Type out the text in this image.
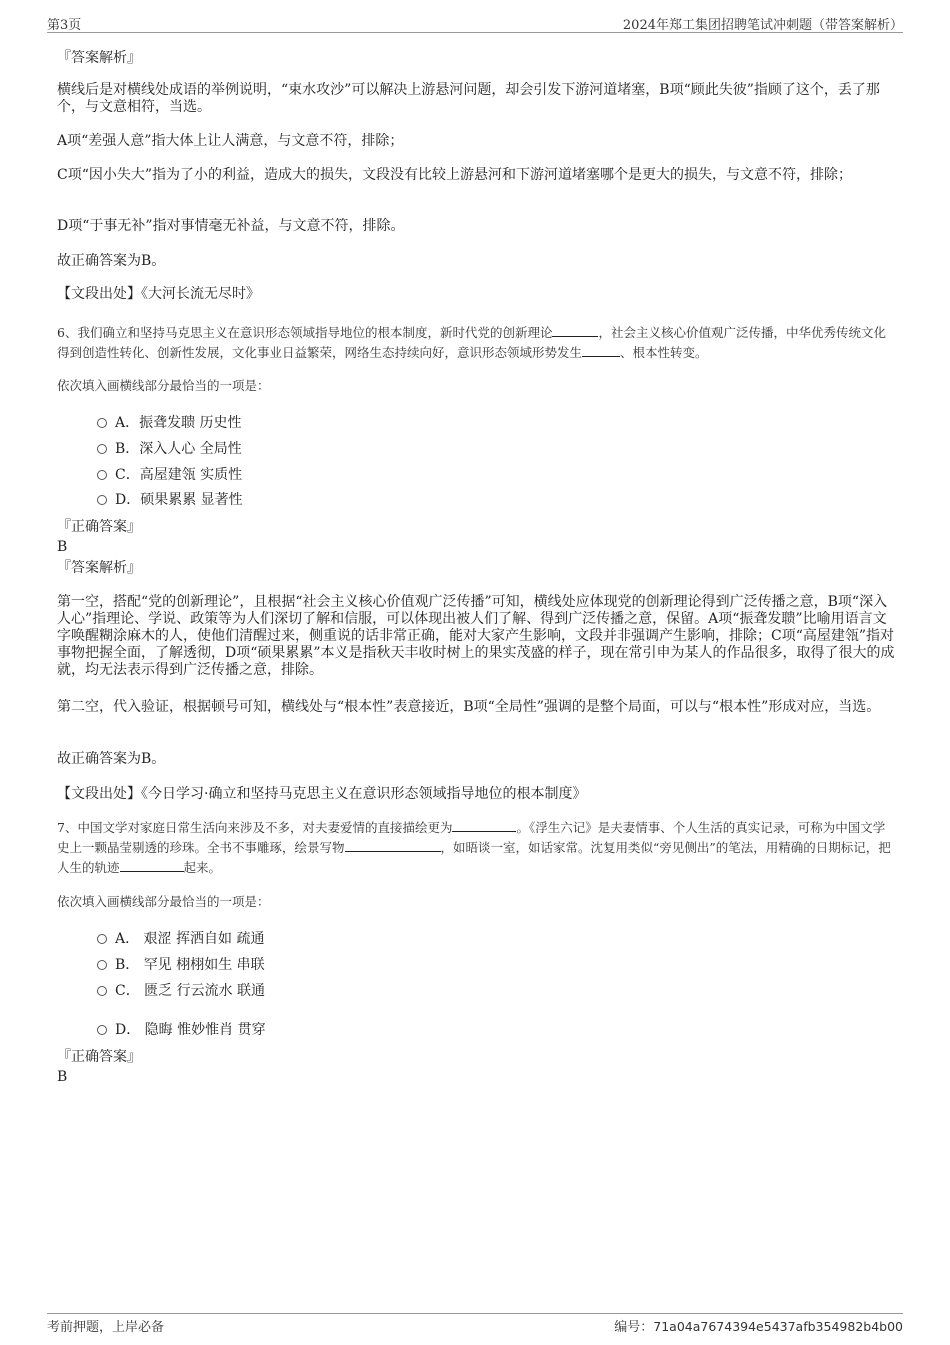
第3页	2024年郑工集团招聘笔试冲刺题（带答案解析）
『答案解析』
横线后是对横线处成语的举例说明，“束水攻沙”可以解决上游悬河问题，却会引发下游河道堵塞，B项“顾此失彼”指顾了这个，丢了那个，与文意相符，当选。
A项“差强人意”指大体上让人满意，与文意不符，排除；
C项“因小失大”指为了小的利益，造成大的损失，文段没有比较上游悬河和下游河道堵塞哪个是更大的损失，与文意不符，排除；
D项“于事无补”指对事情毫无补益，与文意不符，排除。
故正确答案为B。
【文段出处】《大河长流无尽时》
6、我们确立和坚持马克思主义在意识形态领域指导地位的根本制度，新时代党的创新理论	，社会主义核心价值观广泛传播，中华优秀传统文化得到创造性转化、创新性发展，文化事业日益繁荣，网络生态持续向好，意识形态领域形势发生	、根本性转变。
依次填入画横线部分最恰当的一项是：
A．振聋发聩 历史性
B．深入人心 全局性
C．高屋建瓴 实质性
D．硕果累累 显著性
『正确答案』
B
『答案解析』
第一空，搭配“党的创新理论”，且根据“社会主义核心价值观广泛传播”可知，横线处应体现党的创新理论得到广泛传播之意，B项“深入人心”指理论、学说、政策等为人们深切了解和信服，可以体现出被人们了解、得到广泛传播之意，保留。A项“振聋发聩”比喻用语言文字唤醒糊涂麻木的人，使他们清醒过来，侧重说的话非常正确，能对大家产生影响，文段并非强调产生影响，排除；C项“高屋建瓴”指对事物把握全面，了解透彻，D项“硕果累累”本义是指秋天丰收时树上的果实茂盛的样子，现在常引申为某人的作品很多，取得了很大的成就，均无法表示得到广泛传播之意，排除。
第二空，代入验证，根据顿号可知，横线处与“根本性”表意接近，B项“全局性”强调的是整个局面，可以与“根本性”形成对应，当选。
故正确答案为B。
【文段出处】《今日学习·确立和坚持马克思主义在意识形态领域指导地位的根本制度》
7、中国文学对家庭日常生活向来涉及不多，对夫妻爱情的直接描绘更为	。《浮生六记》是夫妻情事、个人生活的真实记录，可称为中国文学史上一颗晶莹剔透的珍珠。全书不事雕琢，绘景写物	，如晤谈一室，如话家常。沈复用类似“旁见侧出”的笔法，用精确的日期标记，把人生的轨迹	起来。
依次填入画横线部分最恰当的一项是：
A． 艰涩 挥洒自如 疏通
B． 罕见 栩栩如生 串联
C． 匮乏 行云流水 联通
D． 隐晦 惟妙惟肖 贯穿
『正确答案』
B
考前押题，上岸必备	编号：71a04a7674394e5437afb354982b4b00
